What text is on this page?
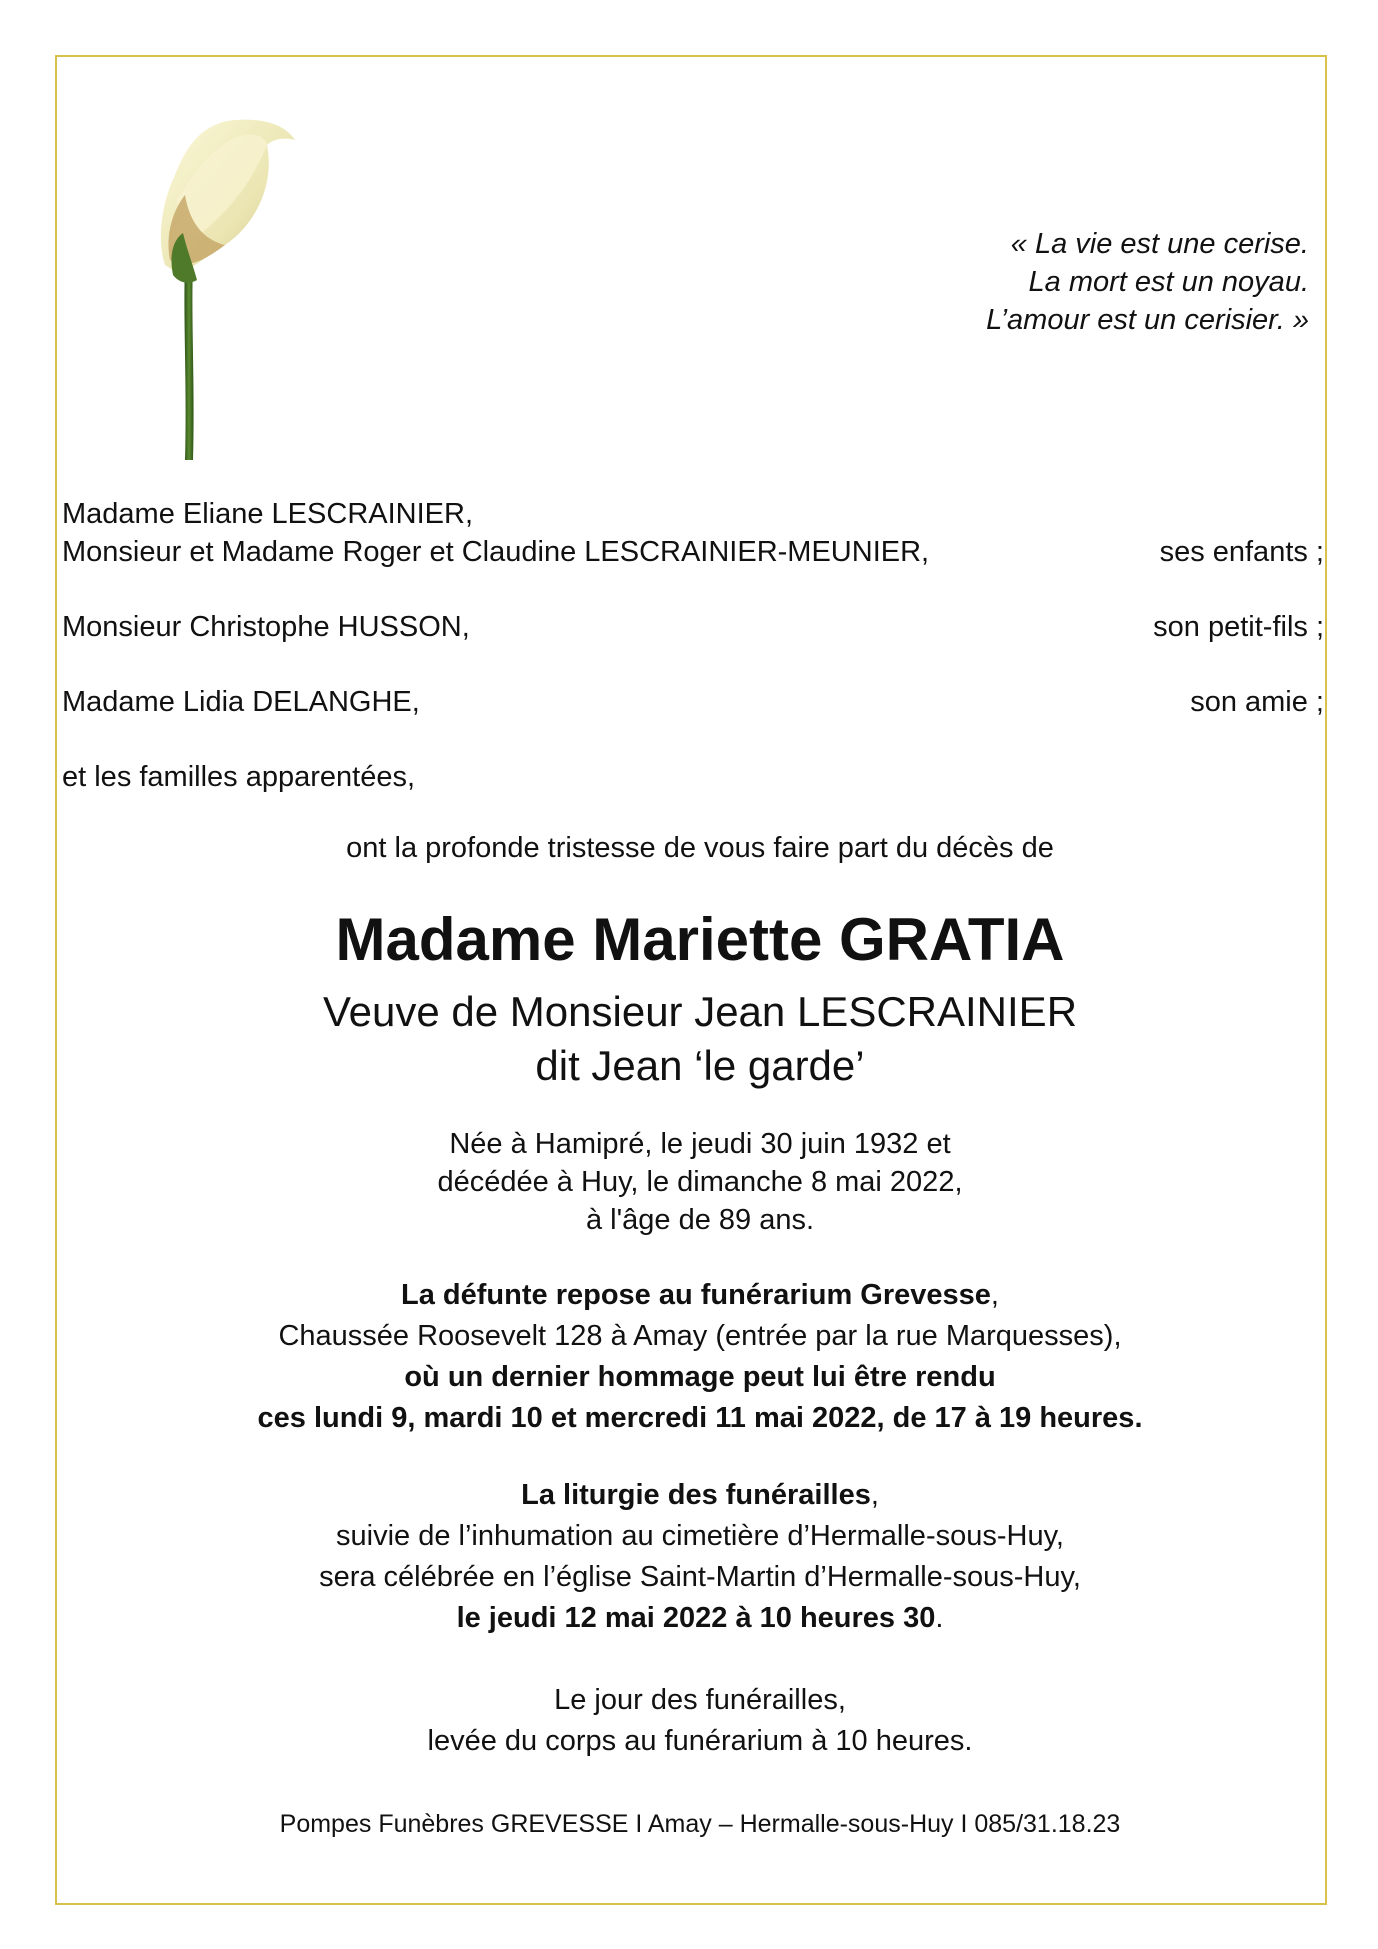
« La vie est une cerise.
La mort est un noyau.
L’amour est un cerisier. »
Madame Eliane LESCRAINIER,
Monsieur et Madame Roger et Claudine LESCRAINIER-MEUNIER,	ses enfants ;
Monsieur Christophe HUSSON,	son petit-fils ;
Madame Lidia DELANGHE,	son amie ;
et les familles apparentées,
ont la profonde tristesse de vous faire part du décès de
Madame Mariette GRATIA
Veuve de Monsieur Jean LESCRAINIER
dit Jean ‘le garde’
Née à Hamipré, le jeudi 30 juin 1932 et
décédée à Huy, le dimanche 8 mai 2022,
à l'âge de 89 ans.
La défunte repose au funérarium Grevesse,
Chaussée Roosevelt 128 à Amay (entrée par la rue Marquesses),
où un dernier hommage peut lui être rendu
ces lundi 9, mardi 10 et mercredi 11 mai 2022, de 17 à 19 heures.
La liturgie des funérailles,
suivie de l’inhumation au cimetière d’Hermalle-sous-Huy,
sera célébrée en l’église Saint-Martin d’Hermalle-sous-Huy,
le jeudi 12 mai 2022 à 10 heures 30.
Le jour des funérailles,
levée du corps au funérarium à 10 heures.
Pompes Funèbres GREVESSE I Amay – Hermalle-sous-Huy I 085/31.18.23
